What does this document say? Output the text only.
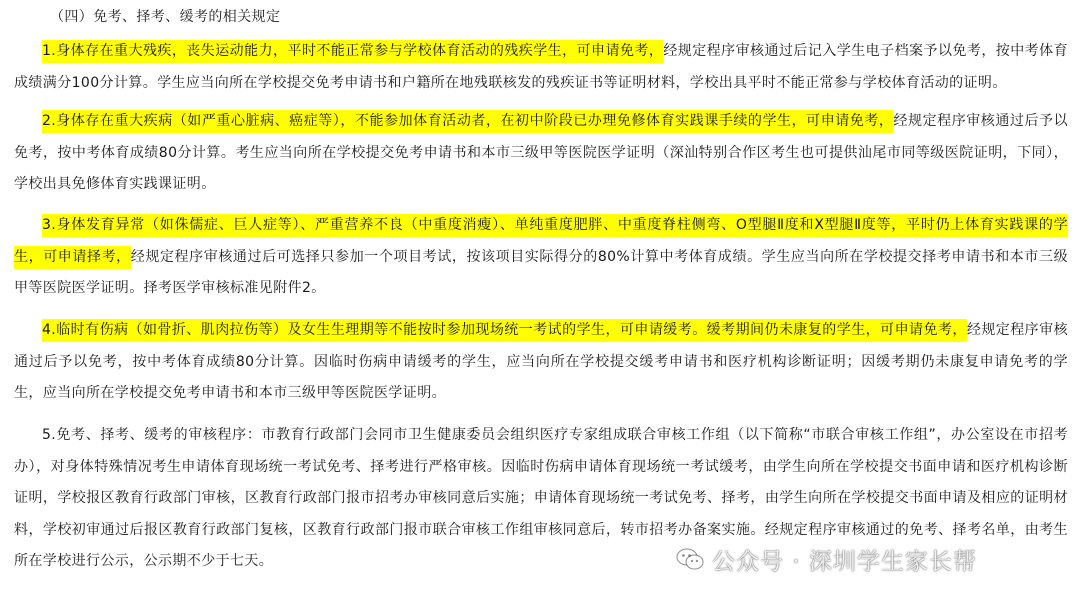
（四）免考、择考、缓考的相关规定

1.身体存在重大残疾，丧失运动能力，平时不能正常参与学校体育活动的残疾学生，可申请免考，经规定程序审核通过后记入学生电子档案予以免考，按中考体育成绩满分100分计算。学生应当向所在学校提交免考申请书和户籍所在地残联核发的残疾证书等证明材料，学校出具平时不能正常参与学校体育活动的证明。

2.身体存在重大疾病（如严重心脏病、癌症等），不能参加体育活动者，在初中阶段已办理免修体育实践课手续的学生，可申请免考，经规定程序审核通过后予以免考，按中考体育成绩80分计算。考生应当向所在学校提交免考申请书和本市三级甲等医院医学证明（深汕特别合作区考生也可提供汕尾市同等级医院证明，下同），学校出具免修体育实践课证明。

3.身体发育异常（如侏儒症、巨人症等）、严重营养不良（中重度消瘦）、单纯重度肥胖、中重度脊柱侧弯、O型腿Ⅱ度和X型腿Ⅱ度等，平时仍上体育实践课的学生，可申请择考，经规定程序审核通过后可选择只参加一个项目考试，按该项目实际得分的80%计算中考体育成绩。学生应当向所在学校提交择考申请书和本市三级甲等医院医学证明。择考医学审核标准见附件2。

4.临时有伤病（如骨折、肌肉拉伤等）及女生生理期等不能按时参加现场统一考试的学生，可申请缓考。缓考期间仍未康复的学生，可申请免考，经规定程序审核通过后予以免考，按中考体育成绩80分计算。因临时伤病申请缓考的学生，应当向所在学校提交缓考申请书和医疗机构诊断证明；因缓考期仍未康复申请免考的学生，应当向所在学校提交免考申请书和本市三级甲等医院医学证明。

5.免考、择考、缓考的审核程序：市教育行政部门会同市卫生健康委员会组织医疗专家组成联合审核工作组（以下简称“市联合审核工作组”，办公室设在市招考办），对身体特殊情况考生申请体育现场统一考试免考、择考进行严格审核。因临时伤病申请体育现场统一考试缓考，由学生向所在学校提交书面申请和医疗机构诊断证明，学校报区教育行政部门审核，区教育行政部门报市招考办审核同意后实施；申请体育现场统一考试免考、择考，由学生向所在学校提交书面申请及相应的证明材料，学校初审通过后报区教育行政部门复核，区教育行政部门报市联合审核工作组审核同意后，转市招考办备案实施。经规定程序审核通过的免考、择考名单，由考生所在学校进行公示，公示期不少于七天。	公众号 · 深圳学生家长帮
